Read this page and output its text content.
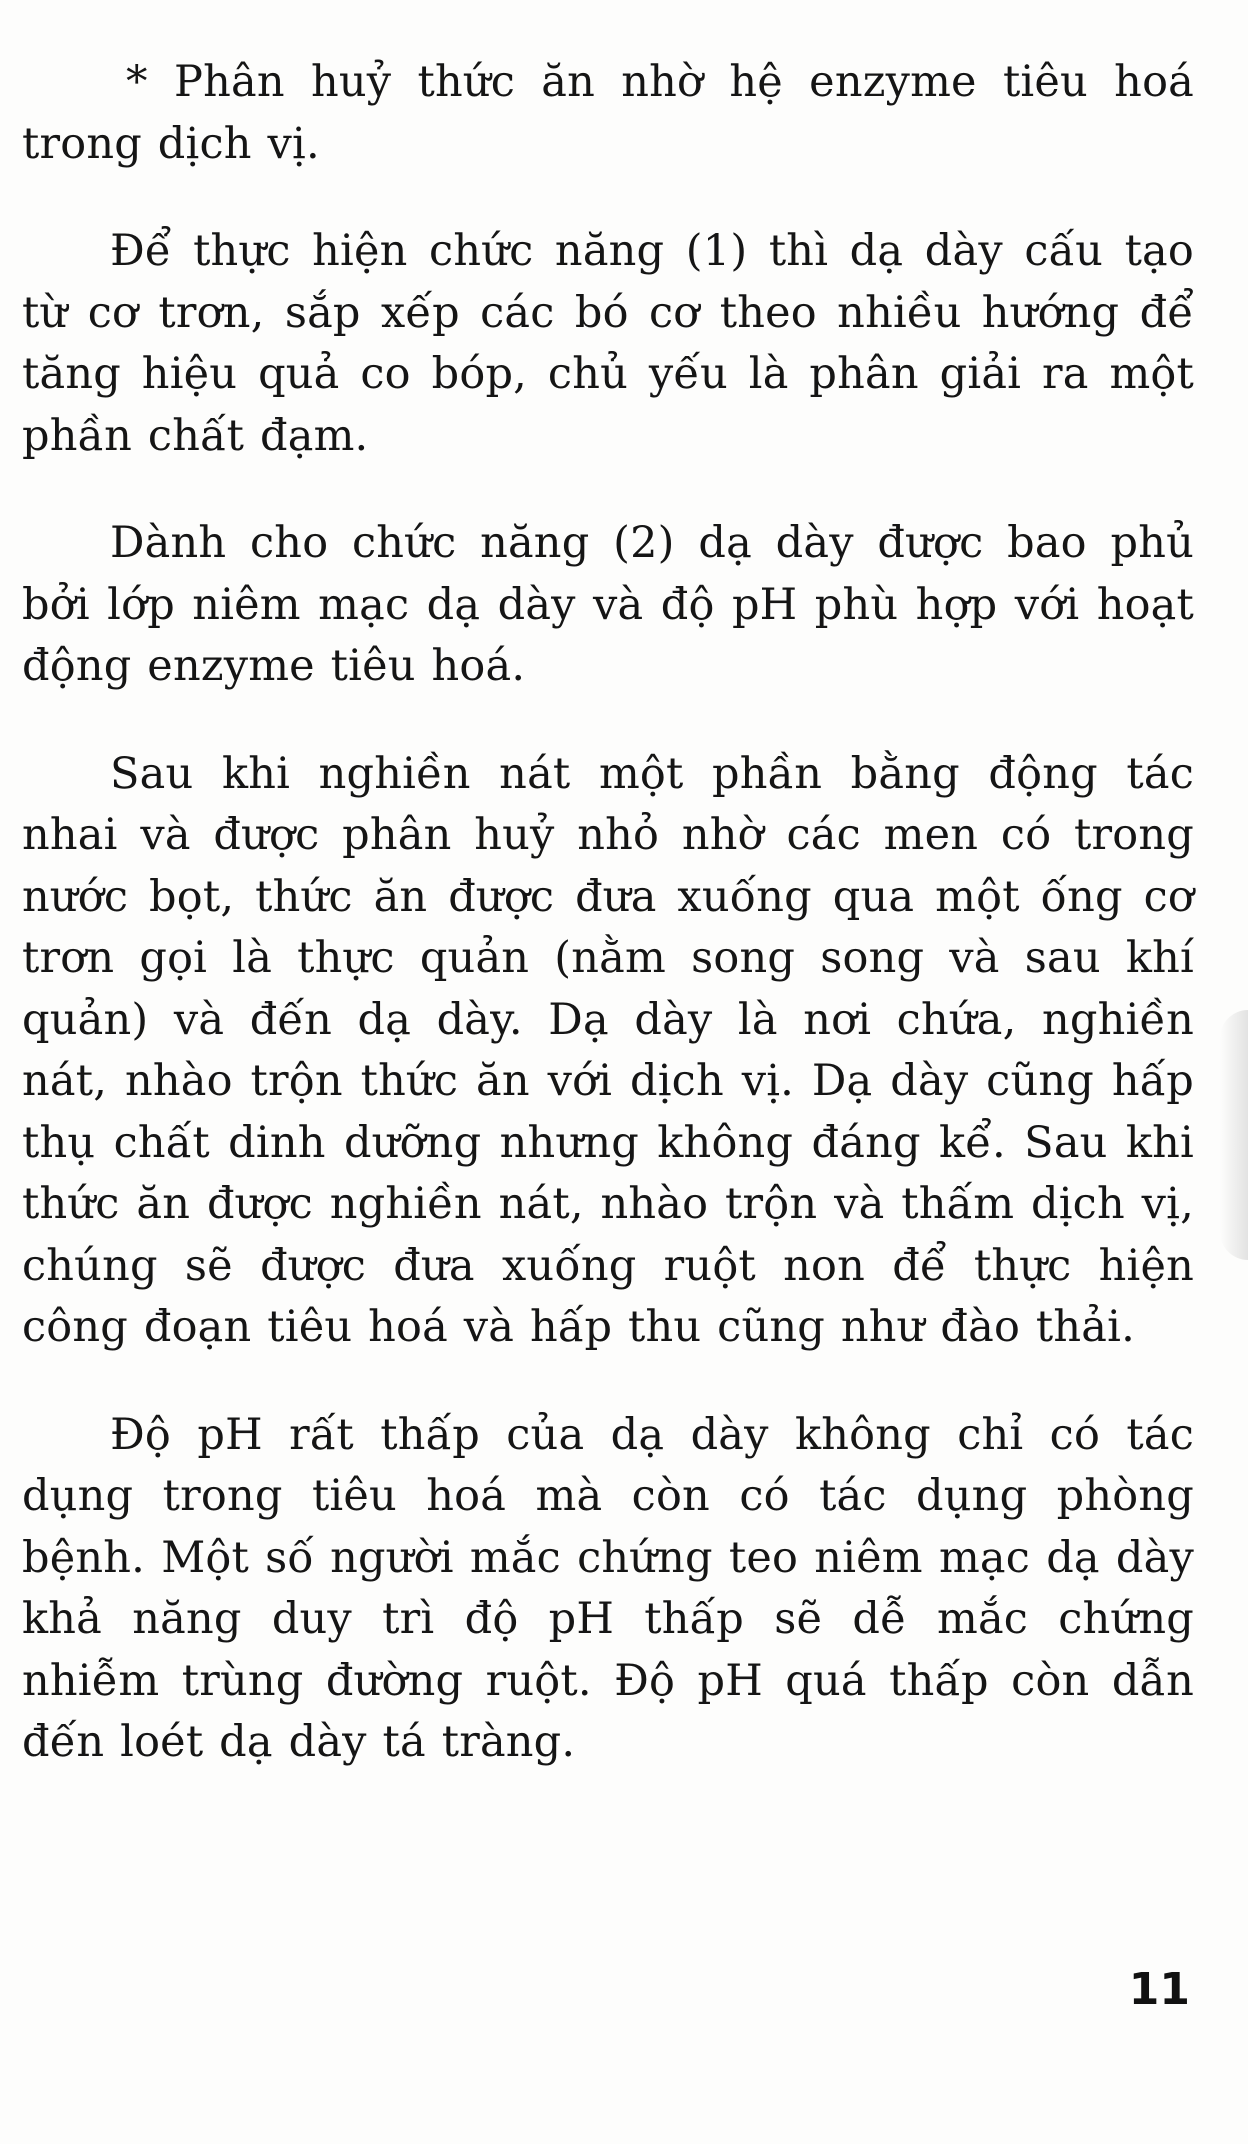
* Phân huỷ thức ăn nhờ hệ enzyme tiêu hoá trong dịch vị.

Để thực hiện chức năng (1) thì dạ dày cấu tạo từ cơ trơn, sắp xếp các bó cơ theo nhiều hướng để tăng hiệu quả co bóp, chủ yếu là phân giải ra một phần chất đạm.

Dành cho chức năng (2) dạ dày được bao phủ bởi lớp niêm mạc dạ dày và độ pH phù hợp với hoạt động enzyme tiêu hoá.

Sau khi nghiền nát một phần bằng động tác nhai và được phân huỷ nhỏ nhờ các men có trong nước bọt, thức ăn được đưa xuống qua một ống cơ trơn gọi là thực quản (nằm song song và sau khí quản) và đến dạ dày. Dạ dày là nơi chứa, nghiền nát, nhào trộn thức ăn với dịch vị. Dạ dày cũng hấp thụ chất dinh dưỡng nhưng không đáng kể. Sau khi thức ăn được nghiền nát, nhào trộn và thấm dịch vị, chúng sẽ được đưa xuống ruột non để thực hiện công đoạn tiêu hoá và hấp thu cũng như đào thải.

Độ pH rất thấp của dạ dày không chỉ có tác dụng trong tiêu hoá mà còn có tác dụng phòng bệnh. Một số người mắc chứng teo niêm mạc dạ dày khả năng duy trì độ pH thấp sẽ dễ mắc chứng nhiễm trùng đường ruột. Độ pH quá thấp còn dẫn đến loét dạ dày tá tràng.

11
